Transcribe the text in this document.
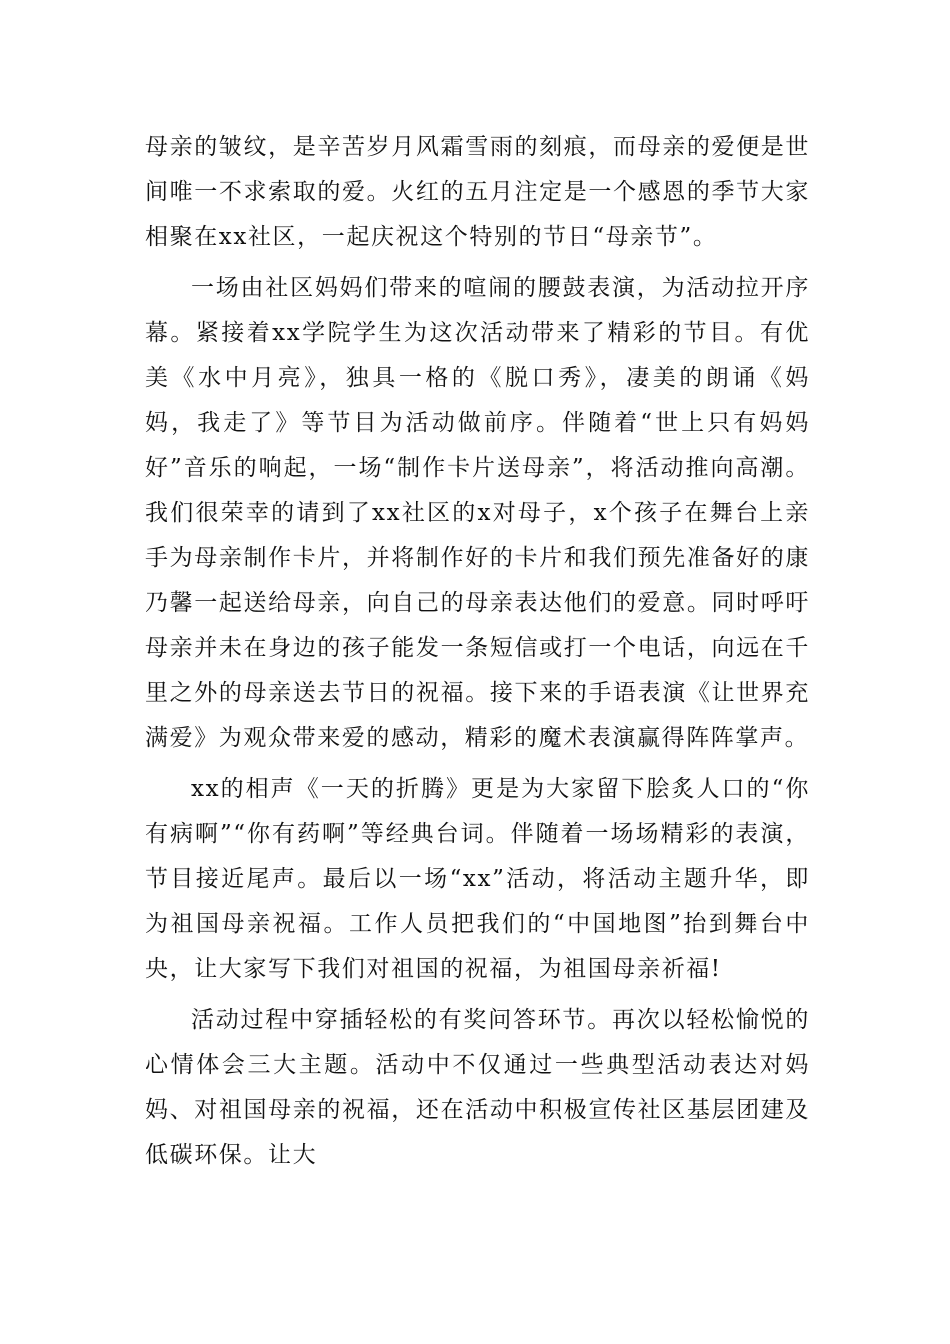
母亲的皱纹，是辛苦岁月风霜雪雨的刻痕，而母亲的爱便是世间唯一不求索取的爱。火红的五月注定是一个感恩的季节大家相聚在xx社区，一起庆祝这个特别的节日“母亲节”。

一场由社区妈妈们带来的喧闹的腰鼓表演，为活动拉开序幕。紧接着xx学院学生为这次活动带来了精彩的节目。有优美《水中月亮》，独具一格的《脱口秀》，凄美的朗诵《妈妈，我走了》等节目为活动做前序。伴随着“世上只有妈妈好”音乐的响起，一场“制作卡片送母亲”，将活动推向高潮。我们很荣幸的请到了xx社区的x对母子，x个孩子在舞台上亲手为母亲制作卡片，并将制作好的卡片和我们预先准备好的康乃馨一起送给母亲，向自己的母亲表达他们的爱意。同时呼吁母亲并未在身边的孩子能发一条短信或打一个电话，向远在千里之外的母亲送去节日的祝福。接下来的手语表演《让世界充满爱》为观众带来爱的感动，精彩的魔术表演赢得阵阵掌声。

xx的相声《一天的折腾》更是为大家留下脍炙人口的“你有病啊”“你有药啊”等经典台词。伴随着一场场精彩的表演，节目接近尾声。最后以一场“xx”活动，将活动主题升华，即为祖国母亲祝福。工作人员把我们的“中国地图”抬到舞台中央，让大家写下我们对祖国的祝福，为祖国母亲祈福!

活动过程中穿插轻松的有奖问答环节。再次以轻松愉悦的心情体会三大主题。活动中不仅通过一些典型活动表达对妈妈、对祖国母亲的祝福，还在活动中积极宣传社区基层团建及低碳环保。让大
